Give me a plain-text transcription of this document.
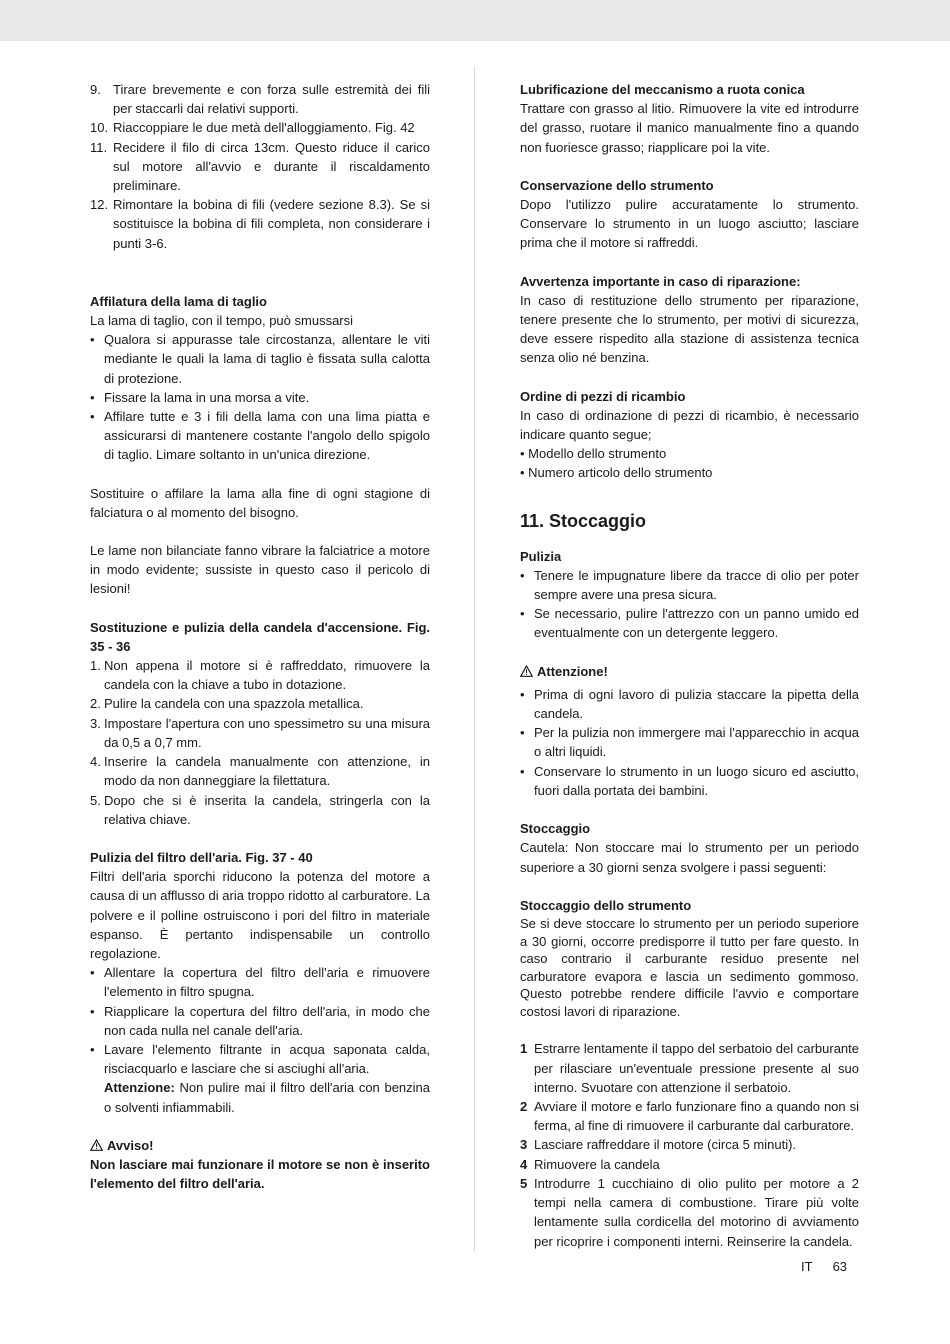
9. Tirare brevemente e con forza sulle estremità dei fili per staccarli dai relativi supporti.
10. Riaccoppiare le due metà dell'alloggiamento. Fig. 42
11. Recidere il filo di circa 13cm. Questo riduce il carico sul motore all'avvio e durante il riscaldamento preliminare.
12. Rimontare la bobina di fili (vedere sezione 8.3). Se si sostituisce la bobina di fili completa, non considerare i punti 3-6.

Affilatura della lama di taglio

La lama di taglio, con il tempo, può smussarsi

• Qualora si appurasse tale circostanza, allentare le viti mediante le quali la lama di taglio è fissata sulla calotta di protezione.
• Fissare la lama in una morsa a vite.
• Affilare tutte e 3 i fili della lama con una lima piatta e assicurarsi di mantenere costante l'angolo dello spigolo di taglio. Limare soltanto in un'unica direzione.

Sostituire o affilare la lama alla fine di ogni stagione di falciatura o al momento del bisogno.

Le lame non bilanciate fanno vibrare la falciatrice a motore in modo evidente; sussiste in questo caso il pericolo di lesioni!

Sostituzione e pulizia della candela d'accensione. Fig. 35 - 36

1. Non appena il motore si è raffreddato, rimuovere la candela con la chiave a tubo in dotazione.
2. Pulire la candela con una spazzola metallica.
3. Impostare l'apertura con uno spessimetro su una misura da 0,5 a 0,7 mm.
4. Inserire la candela manualmente con attenzione, in modo da non danneggiare la filettatura.
5. Dopo che si è inserita la candela, stringerla con la relativa chiave.

Pulizia del filtro dell'aria. Fig. 37 - 40

Filtri dell'aria sporchi riducono la potenza del motore a causa di un afflusso di aria troppo ridotto al carburatore. La polvere e il polline ostruiscono i pori del filtro in materiale espanso. È pertanto indispensabile un controllo regolazione.

• Allentare la copertura del filtro dell'aria e rimuovere l'elemento in filtro spugna.
• Riapplicare la copertura del filtro dell'aria, in modo che non cada nulla nel canale dell'aria.
• Lavare l'elemento filtrante in acqua saponata calda, risciacquarlo e lasciare che si asciughi all'aria.

Attenzione: Non pulire mai il filtro dell'aria con benzina o solventi infiammabili.

Avviso!

Non lasciare mai funzionare il motore se non è inserito l'elemento del filtro dell'aria.

Lubrificazione del meccanismo a ruota conica

Trattare con grasso al litio. Rimuovere la vite ed introdurre del grasso, ruotare il manico manualmente fino a quando non fuoriesce grasso; riapplicare poi la vite.

Conservazione dello strumento

Dopo l'utilizzo pulire accuratamente lo strumento. Conservare lo strumento in un luogo asciutto; lasciare prima che il motore si raffreddi.

Avvertenza importante in caso di riparazione:

In caso di restituzione dello strumento per riparazione, tenere presente che lo strumento, per motivi di sicurezza, deve essere rispedito alla stazione di assistenza tecnica senza olio né benzina.

Ordine di pezzi di ricambio

In caso di ordinazione di pezzi di ricambio, è necessario indicare quanto segue;

• Modello dello strumento

• Numero articolo dello strumento

11. Stoccaggio

Pulizia

• Tenere le impugnature libere da tracce di olio per poter sempre avere una presa sicura.
• Se necessario, pulire l'attrezzo con un panno umido ed eventualmente con un detergente leggero.

Attenzione!

• Prima di ogni lavoro di pulizia staccare la pipetta della candela.
• Per la pulizia non immergere mai l'apparecchio in acqua o altri liquidi.
• Conservare lo strumento in un luogo sicuro ed asciutto, fuori dalla portata dei bambini.

Stoccaggio

Cautela: Non stoccare mai lo strumento per un periodo superiore a 30 giorni senza svolgere i passi seguenti:

Stoccaggio dello strumento

Se si deve stoccare lo strumento per un periodo superiore a 30 giorni, occorre predisporre il tutto per fare questo. In caso contrario il carburante residuo presente nel carburatore evapora e lascia un sedimento gommoso. Questo potrebbe rendere difficile l'avvio e comportare costosi lavori di riparazione.

1 Estrarre lentamente il tappo del serbatoio del carburante per rilasciare un'eventuale pressione presente al suo interno. Svuotare con attenzione il serbatoio.
2 Avviare il motore e farlo funzionare fino a quando non si ferma, al fine di rimuovere il carburante dal carburatore.
3 Lasciare raffreddare il motore (circa 5 minuti).
4 Rimuovere la candela
5 Introdurre 1 cucchiaino di olio pulito per motore a 2 tempi nella camera di combustione. Tirare più volte lentamente sulla cordicella del motorino di avviamento per ricoprire i componenti interni. Reinserire la candela.
IT 63
